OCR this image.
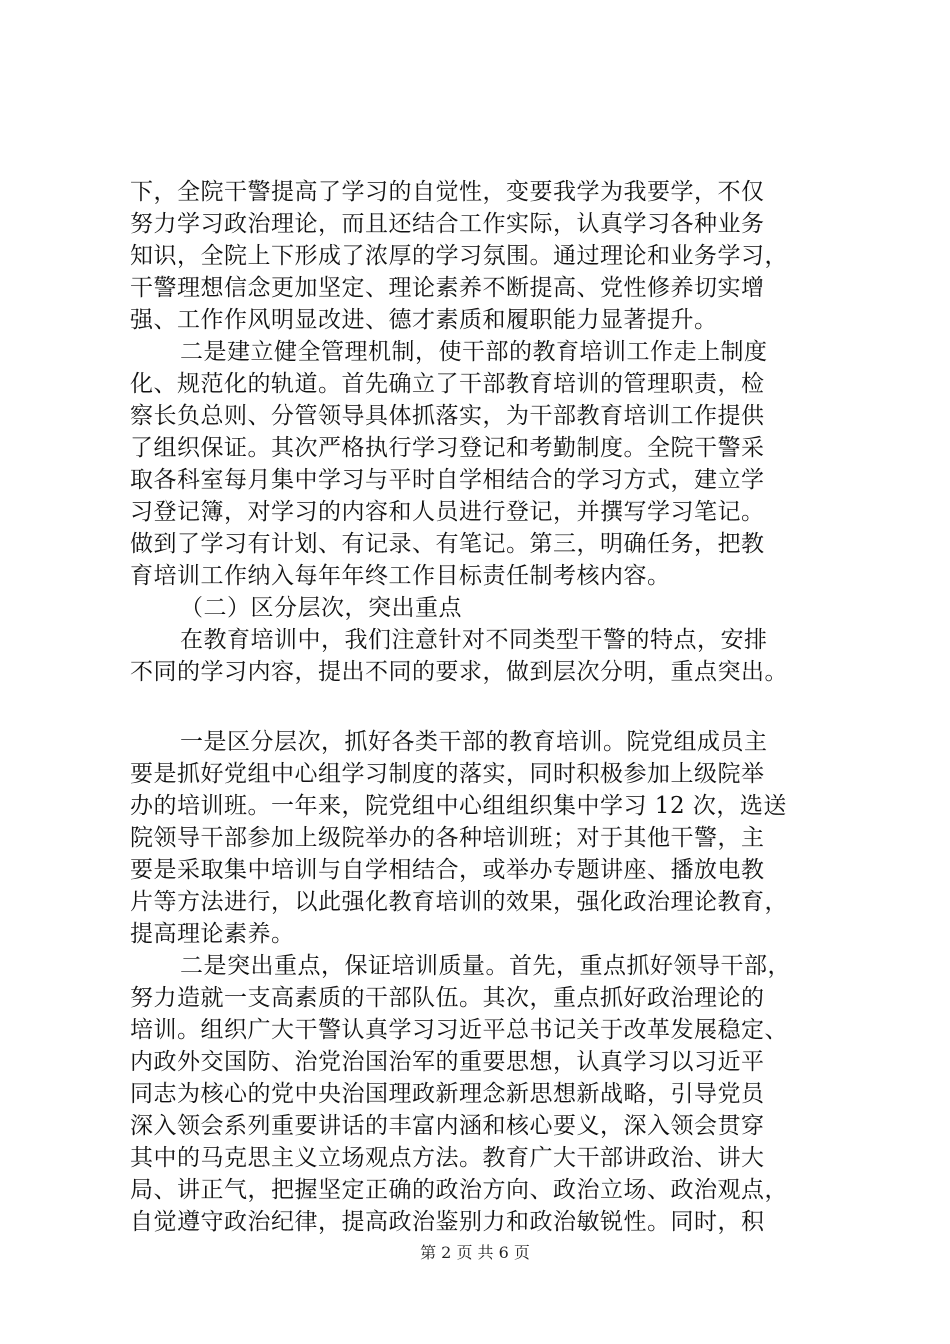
下，全院干警提高了学习的自觉性，变要我学为我要学，不仅
努力学习政治理论，而且还结合工作实际，认真学习各种业务
知识，全院上下形成了浓厚的学习氛围。通过理论和业务学习，
干警理想信念更加坚定、理论素养不断提高、党性修养切实增
强、工作作风明显改进、德才素质和履职能力显著提升。
二是建立健全管理机制，使干部的教育培训工作走上制度
化、规范化的轨道。首先确立了干部教育培训的管理职责，检
察长负总则、分管领导具体抓落实，为干部教育培训工作提供
了组织保证。其次严格执行学习登记和考勤制度。全院干警采
取各科室每月集中学习与平时自学相结合的学习方式，建立学
习登记簿，对学习的内容和人员进行登记，并撰写学习笔记。
做到了学习有计划、有记录、有笔记。第三，明确任务，把教
育培训工作纳入每年年终工作目标责任制考核内容。
（二）区分层次，突出重点
在教育培训中，我们注意针对不同类型干警的特点，安排
不同的学习内容，提出不同的要求，做到层次分明，重点突出。
一是区分层次，抓好各类干部的教育培训。院党组成员主
要是抓好党组中心组学习制度的落实，同时积极参加上级院举
办的培训班。一年来，院党组中心组组织集中学习 12 次，选送
院领导干部参加上级院举办的各种培训班；对于其他干警，主
要是采取集中培训与自学相结合，或举办专题讲座、播放电教
片等方法进行，以此强化教育培训的效果，强化政治理论教育，
提高理论素养。
二是突出重点，保证培训质量。首先，重点抓好领导干部，
努力造就一支高素质的干部队伍。其次，重点抓好政治理论的
培训。组织广大干警认真学习习近平总书记关于改革发展稳定、
内政外交国防、治党治国治军的重要思想，认真学习以习近平
同志为核心的党中央治国理政新理念新思想新战略，引导党员
深入领会系列重要讲话的丰富内涵和核心要义，深入领会贯穿
其中的马克思主义立场观点方法。教育广大干部讲政治、讲大
局、讲正气，把握坚定正确的政治方向、政治立场、政治观点，
自觉遵守政治纪律，提高政治鉴别力和政治敏锐性。同时，积
第 2 页 共 6 页
